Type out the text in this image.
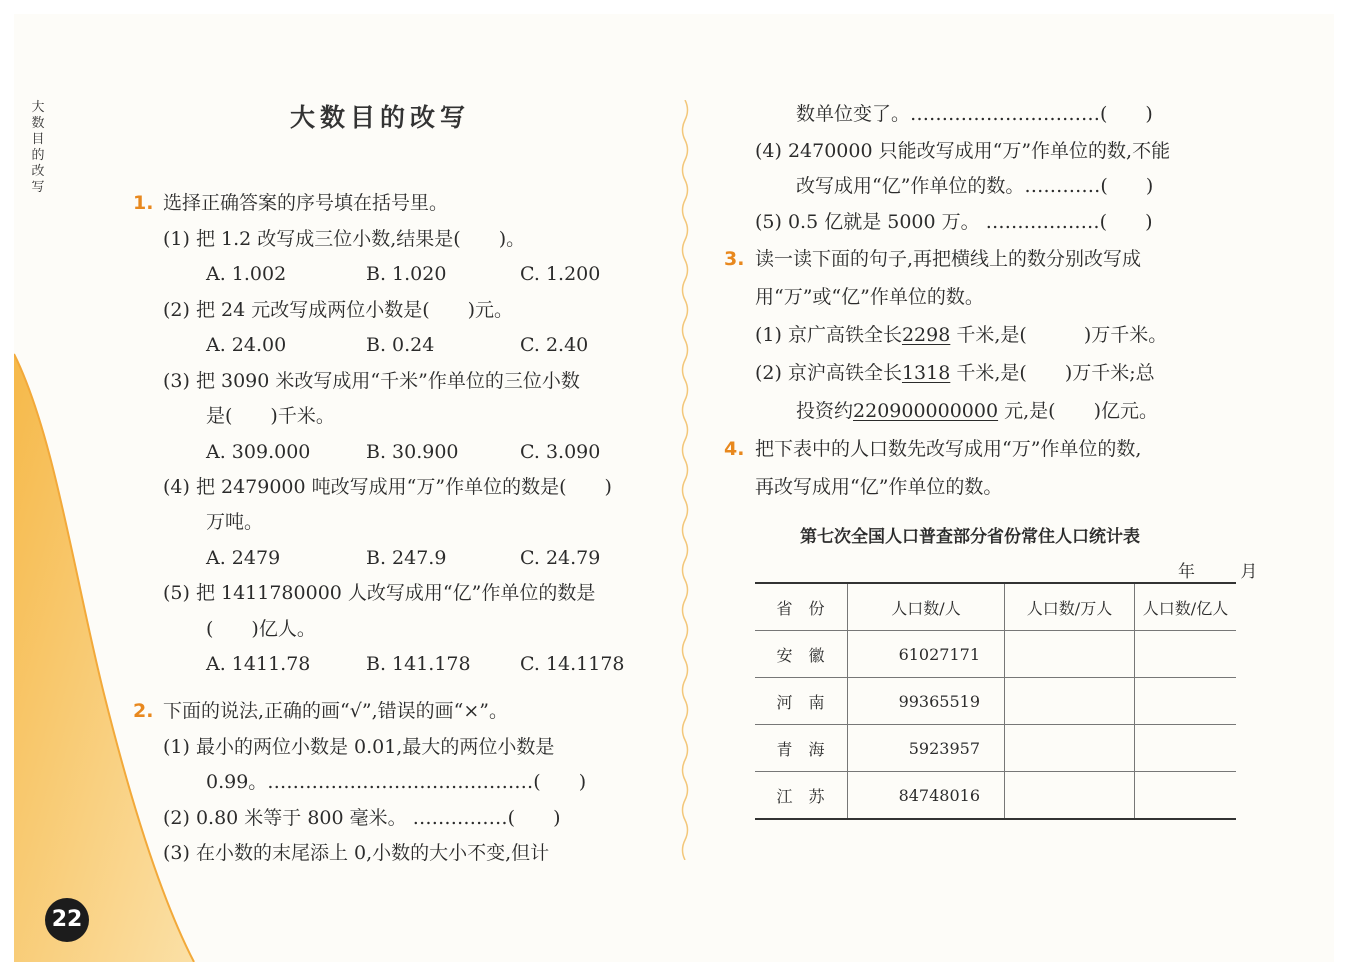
大
数
目
的
改
写
大数目的改写
1. 选择正确答案的序号填在括号里。
(1) 把 1.2 改写成三位小数,结果是(　　)。
A. 1.002	B. 1.020	C. 1.200
(2) 把 24 元改写成两位小数是(　　)元。
A. 24.00	B. 0.24	C. 2.40
(3) 把 3090 米改写成用“千米”作单位的三位小数
是(　　)千米。
A. 309.000	B. 30.900	C. 3.090
(4) 把 2479000 吨改写成用“万”作单位的数是(　　)
万吨。
A. 2479	B. 247.9	C. 24.79
(5) 把 1411780000 人改写成用“亿”作单位的数是
(　　)亿人。
A. 1411.78	B. 141.178	C. 14.1178
2. 下面的说法,正确的画“√”,错误的画“×”。
(1) 最小的两位小数是 0.01,最大的两位小数是
0.99。……………………………………(　　)
(2) 0.80 米等于 800 毫米。 ……………(　　)
(3) 在小数的末尾添上 0,小数的大小不变,但计
22
数单位变了。…………………………(　　)
(4) 2470000 只能改写成用“万”作单位的数,不能
改写成用“亿”作单位的数。…………(　　)
(5) 0.5 亿就是 5000 万。 ………………(　　)
3. 读一读下面的句子,再把横线上的数分别改写成
用“万”或“亿”作单位的数。
(1) 京广高铁全长2298 千米,是(　　　)万千米。
(2) 京沪高铁全长1318 千米,是(　　)万千米;总
投资约220900000000 元,是(　　)亿元。
4. 把下表中的人口数先改写成用“万”作单位的数,
再改写成用“亿”作单位的数。
第七次全国人口普查部分省份常住人口统计表
年 月
省份	人口数/人	人口数/万人	人口数/亿人
安徽	61027171		
河南	99365519		
青海	5923957		
江苏	84748016		
